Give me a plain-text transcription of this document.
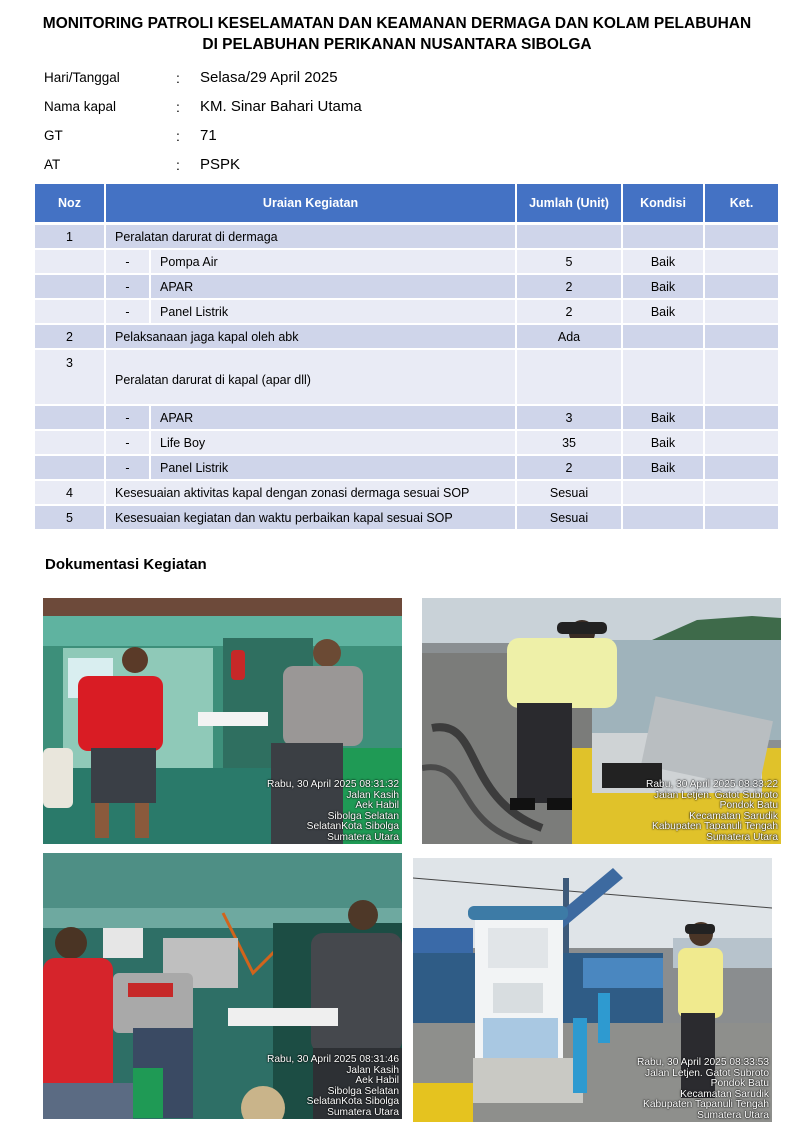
MONITORING PATROLI KESELAMATAN DAN KEAMANAN DERMAGA DAN KOLAM PELABUHAN
DI PELABUHAN PERIKANAN NUSANTARA SIBOLGA
Hari/Tanggal	: Selasa/29 April 2025
Nama kapal	: KM. Sinar Bahari Utama
GT	: 71
AT	: PSPK
Noz	Uraian Kegiatan		Jumlah (Unit)	Kondisi	Ket.
1	Peralatan darurat di dermaga				
	-	Pompa Air	5	Baik	
	-	APAR	2	Baik	
	-	Panel Listrik	2	Baik	
2	Pelaksanaan jaga kapal oleh abk		Ada		
3	Peralatan darurat di kapal (apar dll)				
	-	APAR	3	Baik	
	-	Life Boy	35	Baik	
	-	Panel Listrik	2	Baik	
4	Kesesuaian aktivitas kapal dengan zonasi dermaga sesuai SOP		Sesuai		
5	Kesesuaian kegiatan dan waktu perbaikan kapal sesuai SOP		Sesuai		
Dokumentasi Kegiatan
Rabu, 30 April 2025 08:31:32
Jalan Kasih
Aek Habil
Sibolga Selatan
SelatanKota Sibolga
Sumatera Utara
Rabu, 30 April 2025 08:33:22
Jalan Letjen. Gatot Subroto
Pondok Batu
Kecamatan Sarudik
Kabupaten Tapanuli Tengah
Sumatera Utara
Rabu, 30 April 2025 08:31:46
Jalan Kasih
Aek Habil
Sibolga Selatan
SelatanKota Sibolga
Sumatera Utara
Rabu, 30 April 2025 08:33:53
Jalan Letjen. Gatot Subroto
Pondok Batu
Kecamatan Sarudik
Kabupaten Tapanuli Tengah
Sumatera Utara
